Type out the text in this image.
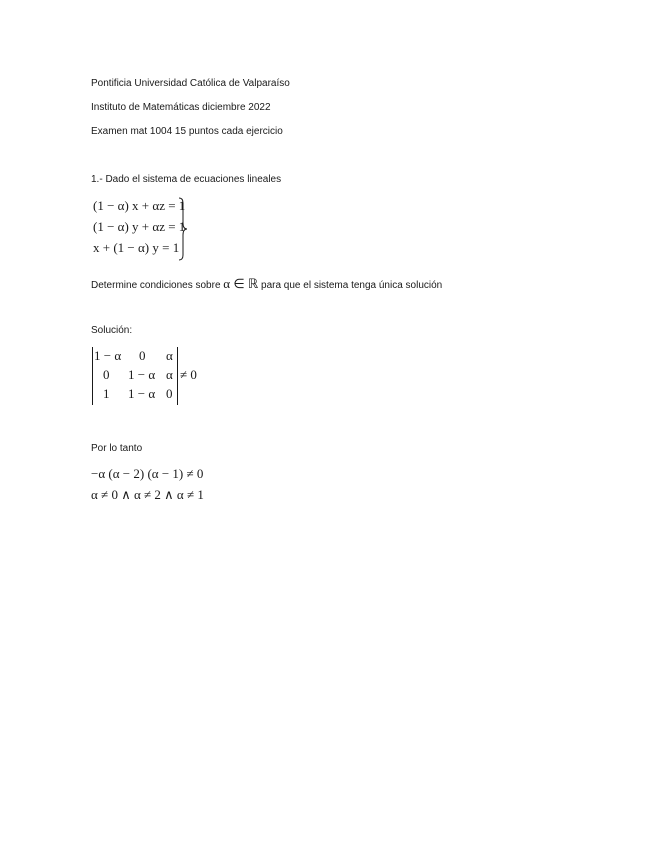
Pontificia Universidad Católica de Valparaíso
Instituto de Matemáticas diciembre 2022
Examen mat 1004 15 puntos cada ejercicio
1.- Dado el sistema de ecuaciones lineales
(1 − α) x + αz = 1
(1 − α) y + αz = 1
x + (1 − α) y = 1
Determine condiciones sobre α ∈ ℝ para que el sistema tenga única solución
Solución:
1 − α 0 α
0 1 − α α
1 1 − α 0
≠ 0
Por lo tanto
−α (α − 2) (α − 1) ≠ 0
α ≠ 0 ∧ α ≠ 2 ∧ α ≠ 1
